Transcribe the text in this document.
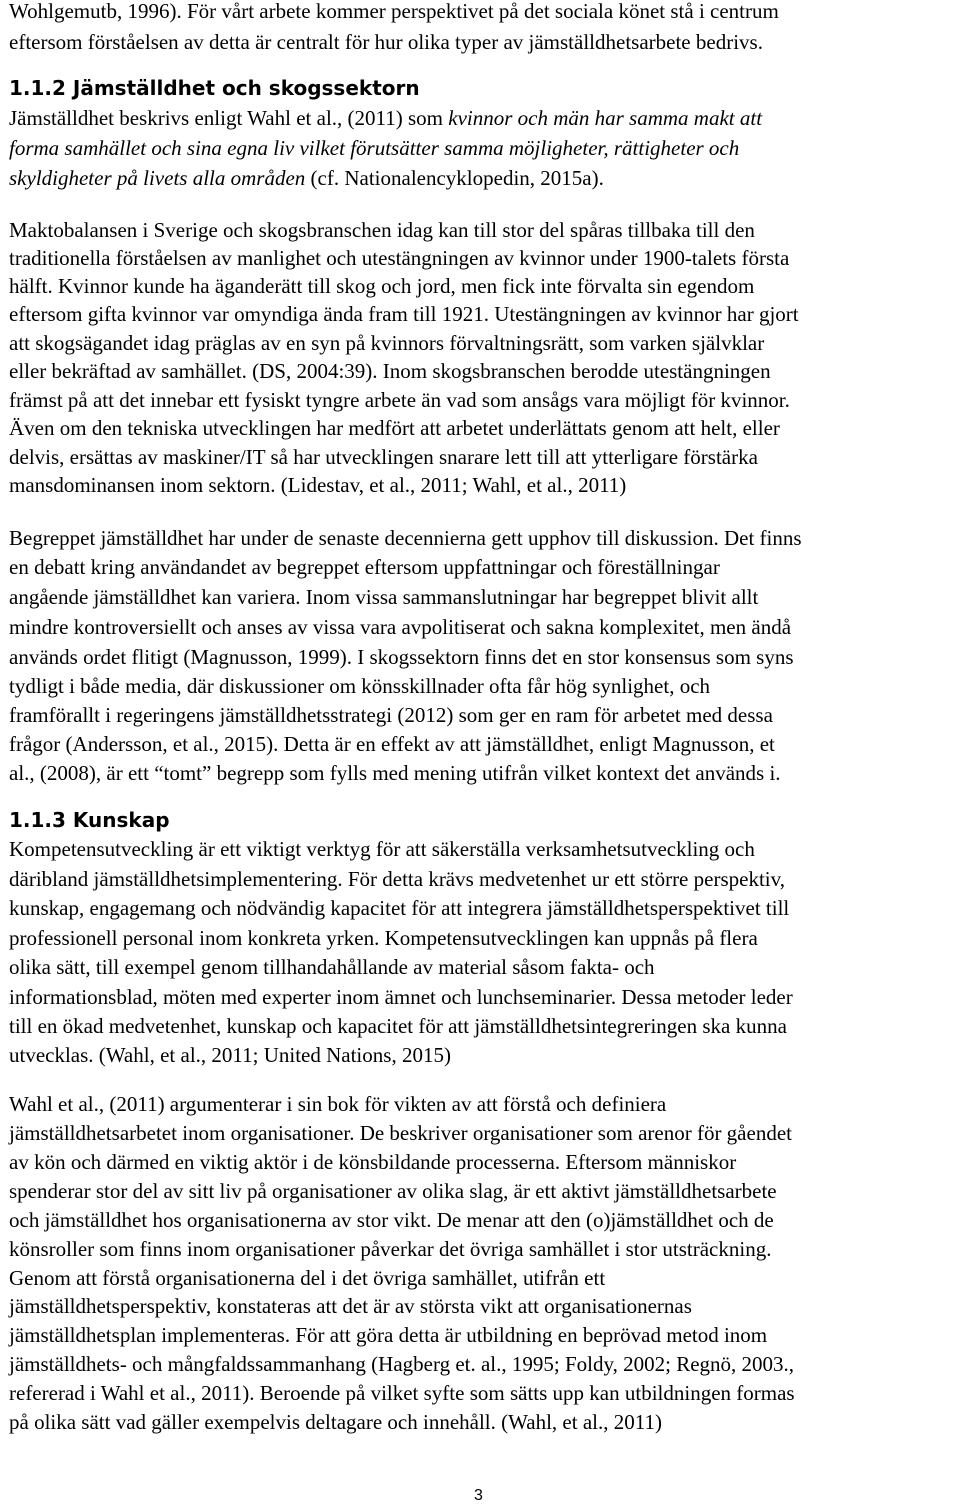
Wohlgemutb, 1996). För vårt arbete kommer perspektivet på det sociala könet stå i centrum
eftersom förståelsen av detta är centralt för hur olika typer av jämställdhetsarbete bedrivs.
1.1.2 Jämställdhet och skogssektorn
Jämställdhet beskrivs enligt Wahl et al., (2011) som kvinnor och män har samma makt att
forma samhället och sina egna liv vilket förutsätter samma möjligheter, rättigheter och
skyldigheter på livets alla områden (cf. Nationalencyklopedin, 2015a).
Maktobalansen i Sverige och skogsbranschen idag kan till stor del spåras tillbaka till den
traditionella förståelsen av manlighet och utestängningen av kvinnor under 1900-talets första
hälft. Kvinnor kunde ha äganderätt till skog och jord, men fick inte förvalta sin egendom
eftersom gifta kvinnor var omyndiga ända fram till 1921. Utestängningen av kvinnor har gjort
att skogsägandet idag präglas av en syn på kvinnors förvaltningsrätt, som varken självklar
eller bekräftad av samhället. (DS, 2004:39). Inom skogsbranschen berodde utestängningen
främst på att det innebar ett fysiskt tyngre arbete än vad som ansågs vara möjligt för kvinnor.
Även om den tekniska utvecklingen har medfört att arbetet underlättats genom att helt, eller
delvis, ersättas av maskiner/IT så har utvecklingen snarare lett till att ytterligare förstärka
mansdominansen inom sektorn. (Lidestav, et al., 2011; Wahl, et al., 2011)
Begreppet jämställdhet har under de senaste decennierna gett upphov till diskussion. Det finns
en debatt kring användandet av begreppet eftersom uppfattningar och föreställningar
angående jämställdhet kan variera. Inom vissa sammanslutningar har begreppet blivit allt
mindre kontroversiellt och anses av vissa vara avpolitiserat och sakna komplexitet, men ändå
används ordet flitigt (Magnusson, 1999). I skogssektorn finns det en stor konsensus som syns
tydligt i både media, där diskussioner om könsskillnader ofta får hög synlighet, och
framförallt i regeringens jämställdhetsstrategi (2012) som ger en ram för arbetet med dessa
frågor (Andersson, et al., 2015). Detta är en effekt av att jämställdhet, enligt Magnusson, et
al., (2008), är ett “tomt” begrepp som fylls med mening utifrån vilket kontext det används i.
1.1.3 Kunskap
Kompetensutveckling är ett viktigt verktyg för att säkerställa verksamhetsutveckling och
däribland jämställdhetsimplementering. För detta krävs medvetenhet ur ett större perspektiv,
kunskap, engagemang och nödvändig kapacitet för att integrera jämställdhetsperspektivet till
professionell personal inom konkreta yrken. Kompetensutvecklingen kan uppnås på flera
olika sätt, till exempel genom tillhandahållande av material såsom fakta- och
informationsblad, möten med experter inom ämnet och lunchseminarier. Dessa metoder leder
till en ökad medvetenhet, kunskap och kapacitet för att jämställdhetsintegreringen ska kunna
utvecklas. (Wahl, et al., 2011; United Nations, 2015)
Wahl et al., (2011) argumenterar i sin bok för vikten av att förstå och definiera
jämställdhetsarbetet inom organisationer. De beskriver organisationer som arenor för gåendet
av kön och därmed en viktig aktör i de könsbildande processerna. Eftersom människor
spenderar stor del av sitt liv på organisationer av olika slag, är ett aktivt jämställdhetsarbete
och jämställdhet hos organisationerna av stor vikt. De menar att den (o)jämställdhet och de
könsroller som finns inom organisationer påverkar det övriga samhället i stor utsträckning.
Genom att förstå organisationerna del i det övriga samhället, utifrån ett
jämställdhetsperspektiv, konstateras att det är av största vikt att organisationernas
jämställdhetsplan implementeras. För att göra detta är utbildning en beprövad metod inom
jämställdhets- och mångfaldssammanhang (Hagberg et. al., 1995; Foldy, 2002; Regnö, 2003.,
refererad i Wahl et al., 2011). Beroende på vilket syfte som sätts upp kan utbildningen formas
på olika sätt vad gäller exempelvis deltagare och innehåll. (Wahl, et al., 2011)
3
